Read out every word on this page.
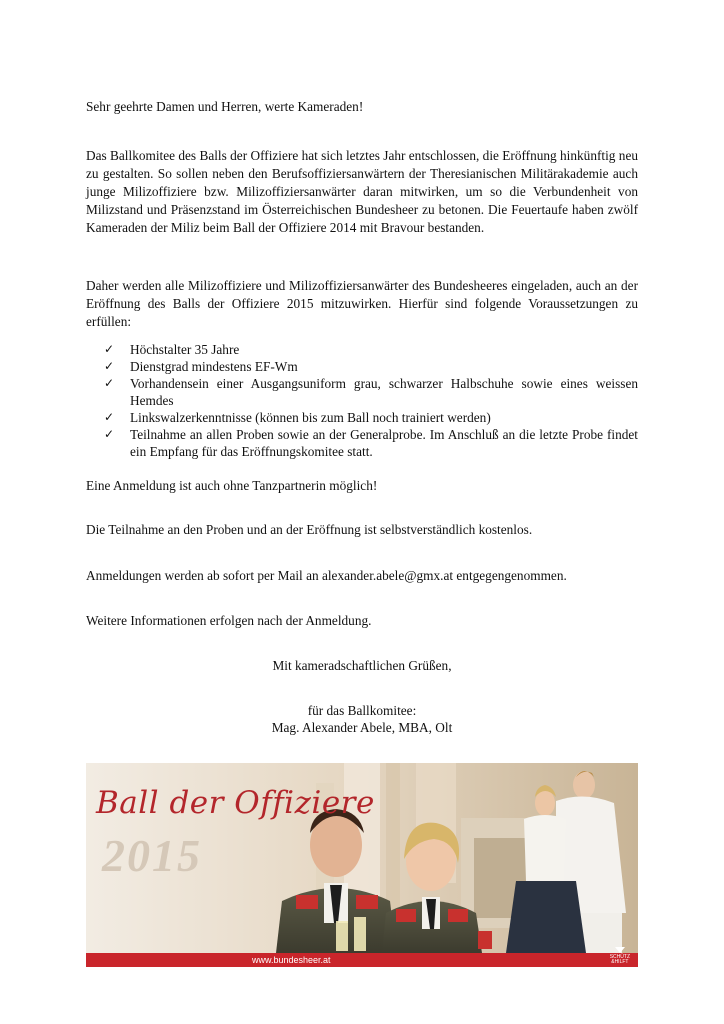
Sehr geehrte Damen und Herren, werte Kameraden!

Das Ballkomitee des Balls der Offiziere hat sich letztes Jahr entschlossen, die Eröffnung hinkünftig neu zu gestalten. So sollen neben den Berufsoffiziersanwärtern der Theresianischen Militärakademie auch junge Milizoffiziere bzw. Milizoffiziersanwärter daran mitwirken, um so die Verbundenheit von Milizstand und Präsenzstand im Österreichischen Bundesheer zu betonen. Die Feuertaufe haben zwölf Kameraden der Miliz beim Ball der Offiziere 2014 mit Bravour bestanden.

Daher werden alle Milizoffiziere und Milizoffiziersanwärter des Bundesheeres eingeladen, auch an der Eröffnung des Balls der Offiziere 2015 mitzuwirken. Hierfür sind folgende Voraussetzungen zu erfüllen:

✓	Höchstalter 35 Jahre
✓	Dienstgrad mindestens EF-Wm
✓	Vorhandensein einer Ausgangsuniform grau, schwarzer Halbschuhe sowie eines weissen Hemdes
✓	Linkswalzerkenntnisse (können bis zum Ball noch trainiert werden)
✓	Teilnahme an allen Proben sowie an der Generalprobe. Im Anschluß an die letzte Probe findet ein Empfang für das Eröffnungskomitee statt.

Eine Anmeldung ist auch ohne Tanzpartnerin möglich!

Die Teilnahme an den Proben und an der Eröffnung ist selbstverständlich kostenlos.

Anmeldungen werden ab sofort per Mail an alexander.abele@gmx.at entgegengenommen.

Weitere Informationen erfolgen nach der Anmeldung.

Mit kameradschaftlichen Grüßen,

für das Ballkomitee:

Mag. Alexander Abele, MBA, Olt

Ball der Offiziere
2015
www.bundesheer.at	SCHÜTZ
&HILFT
